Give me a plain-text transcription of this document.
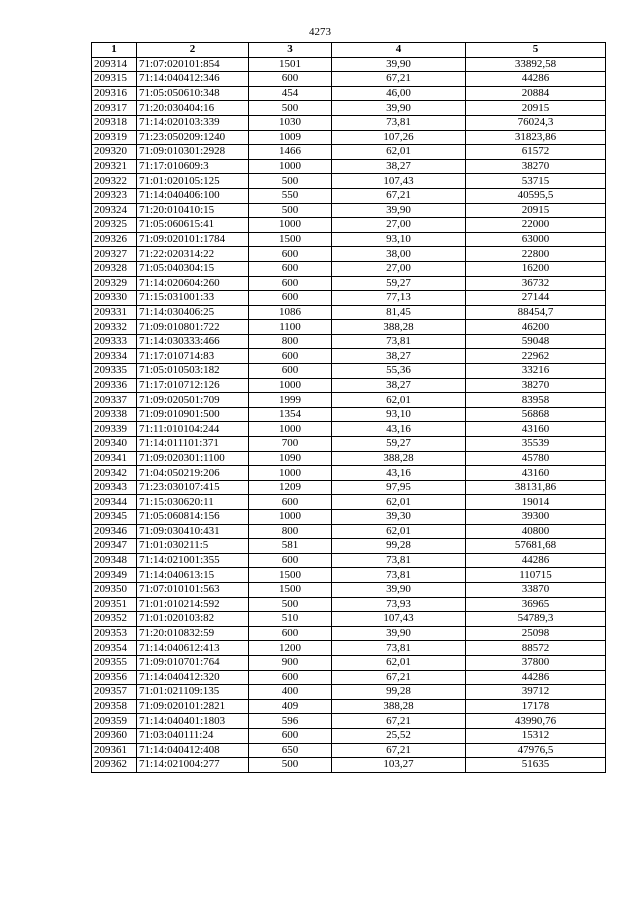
4273
1	2	3	4	5
209314	71:07:020101:854	1501	39,90	33892,58
209315	71:14:040412:346	600	67,21	44286
209316	71:05:050610:348	454	46,00	20884
209317	71:20:030404:16	500	39,90	20915
209318	71:14:020103:339	1030	73,81	76024,3
209319	71:23:050209:1240	1009	107,26	31823,86
209320	71:09:010301:2928	1466	62,01	61572
209321	71:17:010609:3	1000	38,27	38270
209322	71:01:020105:125	500	107,43	53715
209323	71:14:040406:100	550	67,21	40595,5
209324	71:20:010410:15	500	39,90	20915
209325	71:05:060615:41	1000	27,00	22000
209326	71:09:020101:1784	1500	93,10	63000
209327	71:22:020314:22	600	38,00	22800
209328	71:05:040304:15	600	27,00	16200
209329	71:14:020604:260	600	59,27	36732
209330	71:15:031001:33	600	77,13	27144
209331	71:14:030406:25	1086	81,45	88454,7
209332	71:09:010801:722	1100	388,28	46200
209333	71:14:030333:466	800	73,81	59048
209334	71:17:010714:83	600	38,27	22962
209335	71:05:010503:182	600	55,36	33216
209336	71:17:010712:126	1000	38,27	38270
209337	71:09:020501:709	1999	62,01	83958
209338	71:09:010901:500	1354	93,10	56868
209339	71:11:010104:244	1000	43,16	43160
209340	71:14:011101:371	700	59,27	35539
209341	71:09:020301:1100	1090	388,28	45780
209342	71:04:050219:206	1000	43,16	43160
209343	71:23:030107:415	1209	97,95	38131,86
209344	71:15:030620:11	600	62,01	19014
209345	71:05:060814:156	1000	39,30	39300
209346	71:09:030410:431	800	62,01	40800
209347	71:01:030211:5	581	99,28	57681,68
209348	71:14:021001:355	600	73,81	44286
209349	71:14:040613:15	1500	73,81	110715
209350	71:07:010101:563	1500	39,90	33870
209351	71:01:010214:592	500	73,93	36965
209352	71:01:020103:82	510	107,43	54789,3
209353	71:20:010832:59	600	39,90	25098
209354	71:14:040612:413	1200	73,81	88572
209355	71:09:010701:764	900	62,01	37800
209356	71:14:040412:320	600	67,21	44286
209357	71:01:021109:135	400	99,28	39712
209358	71:09:020101:2821	409	388,28	17178
209359	71:14:040401:1803	596	67,21	43990,76
209360	71:03:040111:24	600	25,52	15312
209361	71:14:040412:408	650	67,21	47976,5
209362	71:14:021004:277	500	103,27	51635
